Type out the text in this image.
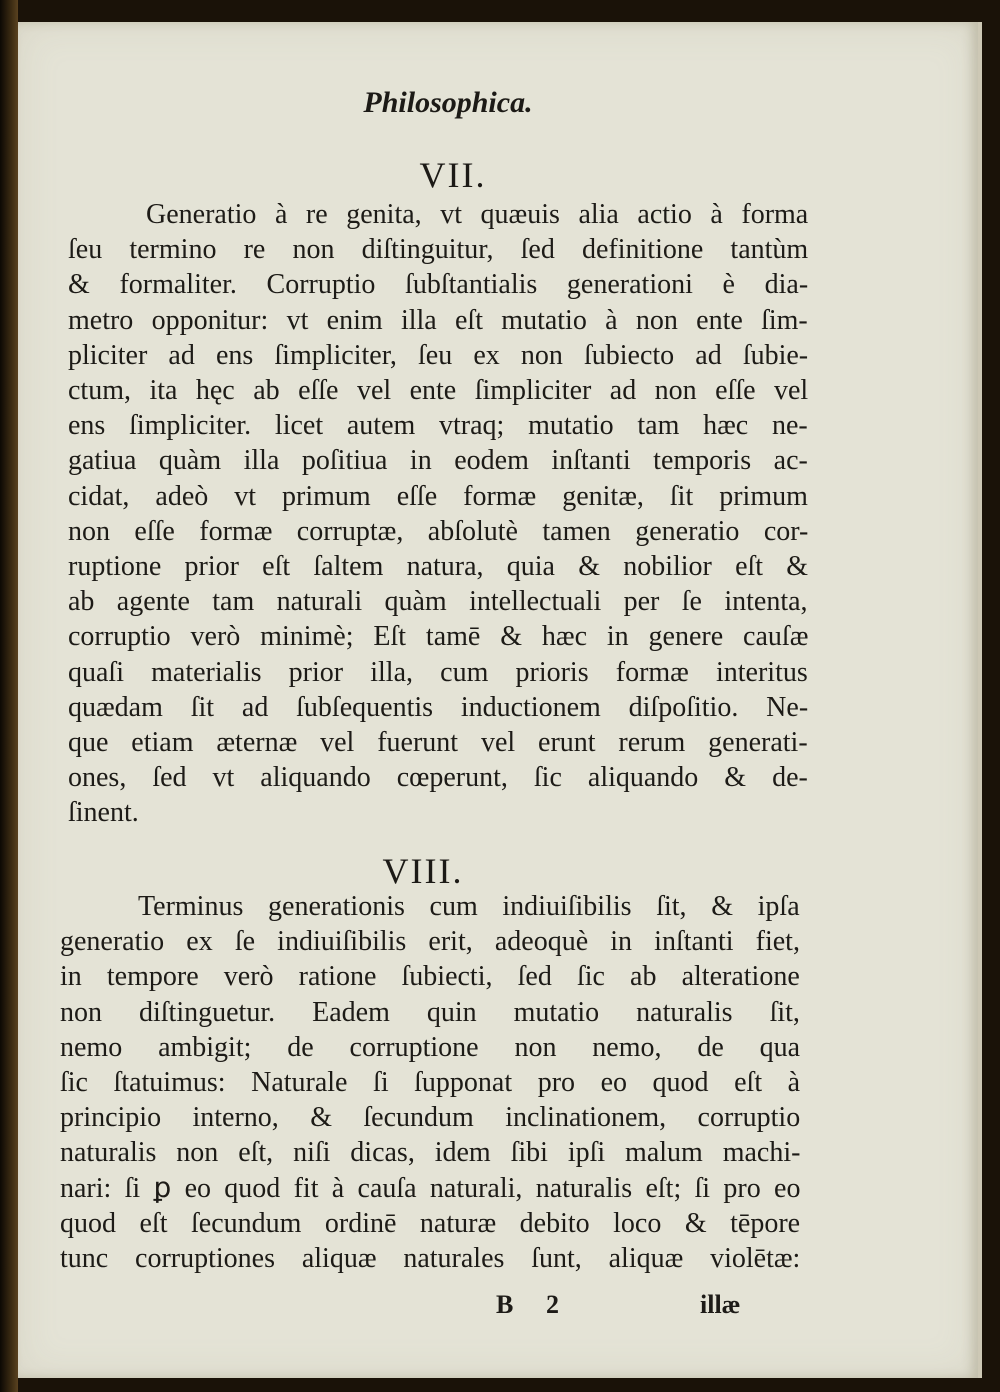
Philosophica.
VII.
VIII.
Generatio à re genita, vt quæuis alia actio à forma
ſeu termino re non diſtinguitur, ſed definitione tantùm
& formaliter. Corruptio ſubſtantialis generationi è dia-
metro opponitur: vt enim illa eſt mutatio à non ente ſim-
pliciter ad ens ſimpliciter, ſeu ex non ſubiecto ad ſubie-
ctum, ita hęc ab eſſe vel ente ſimpliciter ad non eſſe vel
ens ſimpliciter. licet autem vtraq; mutatio tam hæc ne-
gatiua quàm illa poſitiua in eodem inſtanti temporis ac-
cidat, adeò vt primum eſſe formæ genitæ, ſit primum
non eſſe formæ corruptæ, abſolutè tamen generatio cor-
ruptione prior eſt ſaltem natura, quia & nobilior eſt &
ab agente tam naturali quàm intellectuali per ſe intenta,
corruptio verò minimè; Eſt tamē & hæc in genere cauſæ
quaſi materialis prior illa, cum prioris formæ interitus
quædam ſit ad ſubſequentis inductionem diſpoſitio. Ne-
que etiam æternæ vel fuerunt vel erunt rerum generati-
ones, ſed vt aliquando cœperunt, ſic aliquando & de-
ſinent.
Terminus generationis cum indiuiſibilis ſit, & ipſa
generatio ex ſe indiuiſibilis erit, adeoquè in inſtanti fiet,
in tempore verò ratione ſubiecti, ſed ſic ab alteratione
non diſtinguetur. Eadem quin mutatio naturalis ſit,
nemo ambigit; de corruptione non nemo, de qua
ſic ſtatuimus: Naturale ſi ſupponat pro eo quod eſt à
principio interno, & ſecundum inclinationem, corruptio
naturalis non eſt, niſi dicas, idem ſibi ipſi malum machi-
nari: ſi ꝑ eo quod fit à cauſa naturali, naturalis eſt; ſi pro eo
quod eſt ſecundum ordinē naturæ debito loco & tēpore
tunc corruptiones aliquæ naturales ſunt, aliquæ violētæ:
B 2	illæ
